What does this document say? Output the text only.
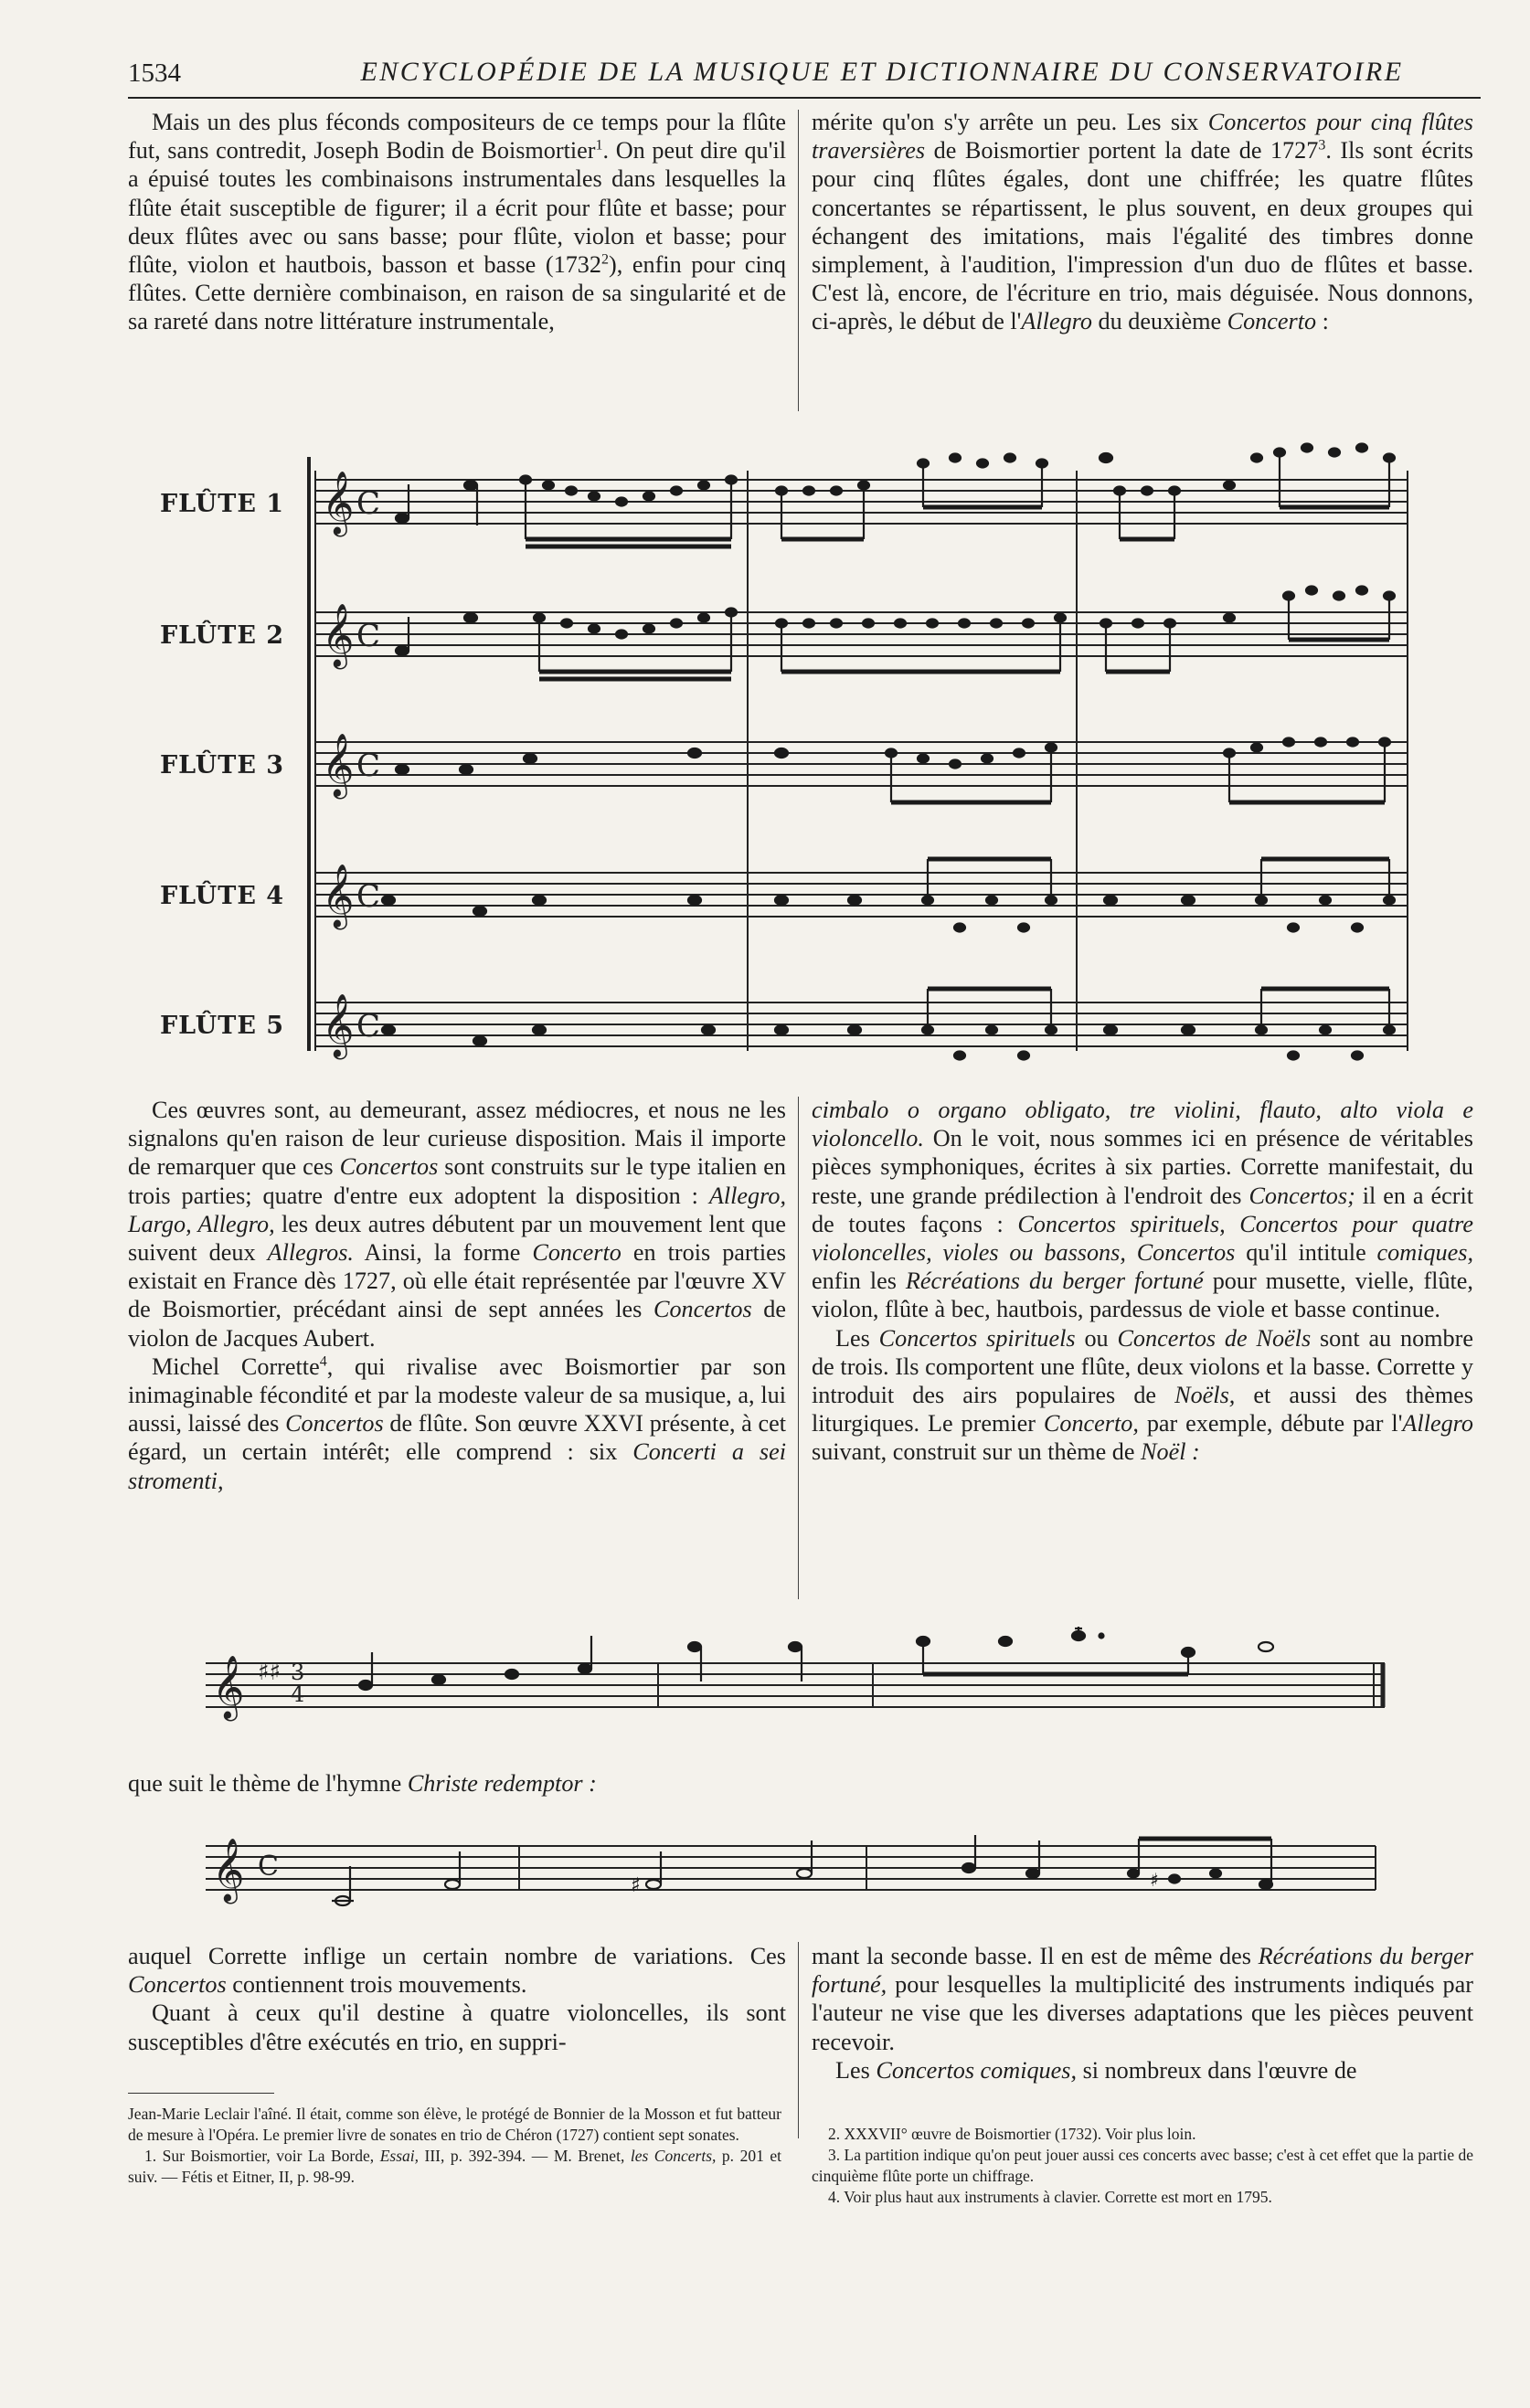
1534	ENCYCLOPÉDIE DE LA MUSIQUE ET DICTIONNAIRE DU CONSERVATOIRE

Mais un des plus féconds compositeurs de ce temps pour la flûte fut, sans contredit, Joseph Bodin de Boismortier$^1$. On peut dire qu'il a épuisé toutes les combinaisons instrumentales dans lesquelles la flûte était susceptible de figurer; il a écrit pour flûte et basse; pour deux flûtes avec ou sans basse; pour flûte, violon et basse; pour flûte, violon et hautbois, basson et basse (1732$^2$), enfin pour cinq flûtes. Cette dernière combinaison, en raison de sa singularité et de sa rareté dans notre littérature instrumentale,

mérite qu'on s'y arrête un peu. Les six Concertos pour cinq flûtes traversières de Boismortier portent la date de 1727$^3$. Ils sont écrits pour cinq flûtes égales, dont une chiffrée; les quatre flûtes concertantes se répartissent, le plus souvent, en deux groupes qui échangent des imitations, mais l'égalité des timbres donne simplement, à l'audition, l'impression d'un duo de flûtes et basse. C'est là, encore, de l'écriture en trio, mais déguisée. Nous donnons, ci-après, le début de l'Allegro du deuxième Concerto :

FLÛTE 1
FLÛTE 2
FLÛTE 3
FLÛTE 4
FLÛTE 5
𝄞
𝄞
𝄞
𝄞
𝄞
C
C
C
C
C

Ces œuvres sont, au demeurant, assez médiocres, et nous ne les signalons qu'en raison de leur curieuse disposition. Mais il importe de remarquer que ces Concertos sont construits sur le type italien en trois parties; quatre d'entre eux adoptent la disposition : Allegro, Largo, Allegro, les deux autres débutent par un mouvement lent que suivent deux Allegros. Ainsi, la forme Concerto en trois parties existait en France dès 1727, où elle était représentée par l'œuvre XV de Boismortier, précédant ainsi de sept années les Concertos de violon de Jacques Aubert.

Michel Corrette$^4$, qui rivalise avec Boismortier par son inimaginable fécondité et par la modeste valeur de sa musique, a, lui aussi, laissé des Concertos de flûte. Son œuvre XXVI présente, à cet égard, un certain intérêt; elle comprend : six Concerti a sei stromenti,

cimbalo o organo obligato, tre violini, flauto, alto viola e violoncello. On le voit, nous sommes ici en présence de véritables pièces symphoniques, écrites à six parties. Corrette manifestait, du reste, une grande prédilection à l'endroit des Concertos; il en a écrit de toutes façons : Concertos spirituels, Concertos pour quatre violoncelles, violes ou bassons, Concertos qu'il intitule comiques, enfin les Récréations du berger fortuné pour musette, vielle, flûte, violon, flûte à bec, hautbois, pardessus de viole et basse continue.

Les Concertos spirituels ou Concertos de Noëls sont au nombre de trois. Ils comportent une flûte, deux violons et la basse. Corrette y introduit des airs populaires de Noëls, et aussi des thèmes liturgiques. Le premier Concerto, par exemple, débute par l'Allegro suivant, construit sur un thème de Noël :

𝄞 ♯♯ 3
4

que suit le thème de l'hymne Christe redemptor :

𝄞 C
♯	♯

auquel Corrette inflige un certain nombre de variations. Ces Concertos contiennent trois mouvements.

Quant à ceux qu'il destine à quatre violoncelles, ils sont susceptibles d'être exécutés en trio, en suppri-

mant la seconde basse. Il en est de même des Récréations du berger fortuné, pour lesquelles la multiplicité des instruments indiqués par l'auteur ne vise que les diverses adaptations que les pièces peuvent recevoir.

Les Concertos comiques, si nombreux dans l'œuvre de

Jean-Marie Leclair l'aîné. Il était, comme son élève, le protégé de Bonnier de la Mosson et fut batteur de mesure à l'Opéra. Le premier livre de sonates en trio de Chéron (1727) contient sept sonates.

1. Sur Boismortier, voir La Borde, Essai, III, p. 392-394. — M. Brenet, les Concerts, p. 201 et suiv. — Fétis et Eitner, II, p. 98-99.

2. XXXVII° œuvre de Boismortier (1732). Voir plus loin.

3. La partition indique qu'on peut jouer aussi ces concerts avec basse; c'est à cet effet que la partie de cinquième flûte porte un chiffrage.

4. Voir plus haut aux instruments à clavier. Corrette est mort en 1795.
